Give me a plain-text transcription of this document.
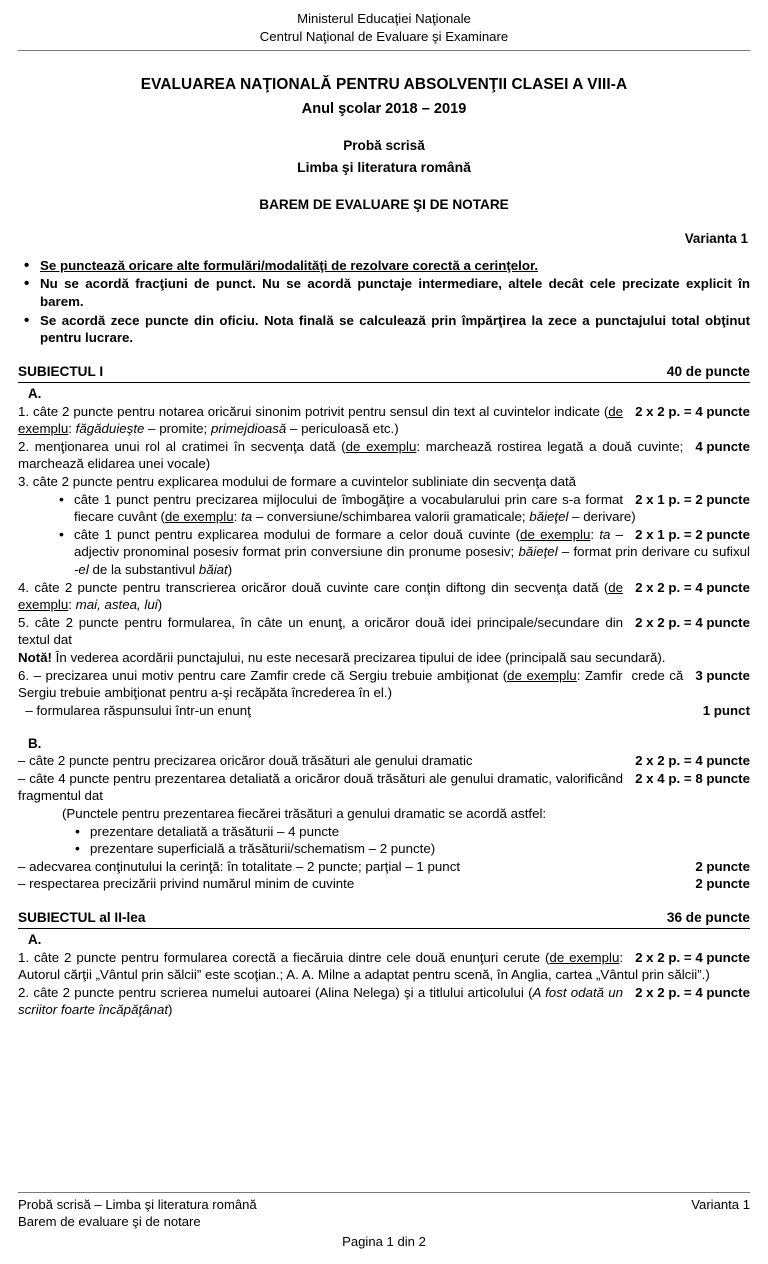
Ministerul Educaţiei Naţionale
Centrul Naţional de Evaluare şi Examinare
EVALUAREA NAŢIONALĂ PENTRU ABSOLVENŢII CLASEI A VIII-A
Anul şcolar 2018 – 2019
Probă scrisă
Limba şi literatura română
BAREM DE EVALUARE ŞI DE NOTARE
Varianta 1
• Se punctează oricare alte formulări/modalităţi de rezolvare corectă a cerinţelor.
• Nu se acordă fracţiuni de punct. Nu se acordă punctaje intermediare, altele decât cele precizate explicit în barem.
• Se acordă zece puncte din oficiu. Nota finală se calculează prin împărţirea la zece a punctajului total obţinut pentru lucrare.
SUBIECTUL I	40 de puncte
A.

2 x 2 p. = 4 puncte
1. câte 2 puncte pentru notarea oricărui sinonim potrivit pentru sensul din text al cuvintelor indicate (de exemplu: făgăduieşte – promite; primejdioasă – periculoasă etc.)

4 puncte
2. menţionarea unui rol al cratimei în secvenţa dată (de exemplu: marchează rostirea legată a două cuvinte; marchează elidarea unei vocale)

3. câte 2 puncte pentru explicarea modului de formare a cuvintelor subliniate din secvenţa dată

• 2 x 1 p. = 2 puncte
câte 1 punct pentru precizarea mijlocului de îmbogăţire a vocabularului prin care s-a format fiecare cuvânt (de exemplu: ta – conversiune/schimbarea valorii gramaticale; băieţel – derivare)
• 2 x 1 p. = 2 puncte
câte 1 punct pentru explicarea modului de formare a celor două cuvinte (de exemplu: ta – adjectiv pronominal posesiv format prin conversiune din pronume posesiv; băieţel – format prin derivare cu sufixul -el de la substantivul băiat)

2 x 2 p. = 4 puncte
4. câte 2 puncte pentru transcrierea oricăror două cuvinte care conţin diftong din secvenţa dată (de exemplu: mai, astea, lui)

2 x 2 p. = 4 puncte
5. câte 2 puncte pentru formularea, în câte un enunţ, a oricăror două idei principale/secundare din textul dat

Notă! În vederea acordării punctajului, nu este necesară precizarea tipului de idee (principală sau secundară).

3 puncte
6. – precizarea unui motiv pentru care Zamfir crede că Sergiu trebuie ambiţionat (de exemplu: Zamfir  crede că Sergiu trebuie ambiţionat pentru a-şi recăpăta încrederea în el.)

1 punct
– formularea răspunsului într-un enunţ

B.

2 x 2 p. = 4 puncte
– câte 2 puncte pentru precizarea oricăror două trăsături ale genului dramatic

2 x 4 p. = 8 puncte
– câte 4 puncte pentru prezentarea detaliată a oricăror două trăsături ale genului dramatic, valorificând fragmentul dat

(Punctele pentru prezentarea fiecărei trăsături a genului dramatic se acordă astfel:

• prezentare detaliată a trăsăturii – 4 puncte
• prezentare superficială a trăsăturii/schematism – 2 puncte)

2 puncte
– adecvarea conţinutului la cerinţă: în totalitate – 2 puncte; parţial – 1 punct

2 puncte
– respectarea precizării privind numărul minim de cuvinte

SUBIECTUL al II-lea	36 de puncte
A.

2 x 2 p. = 4 puncte
1. câte 2 puncte pentru formularea corectă a fiecăruia dintre cele două enunţuri cerute (de exemplu: Autorul cărţii „Vântul prin sălcii” este scoţian.; A. A. Milne a adaptat pentru scenă, în Anglia, cartea „Vântul prin sălcii”.)

2 x 2 p. = 4 puncte
2. câte 2 puncte pentru scrierea numelui autoarei (Alina Nelega) şi a titlului articolului (A fost odată un scriitor foarte încăpăţânat)

Probă scrisă – Limba şi literatura română
Barem de evaluare şi de notare
Varianta 1
Pagina 1 din 2
